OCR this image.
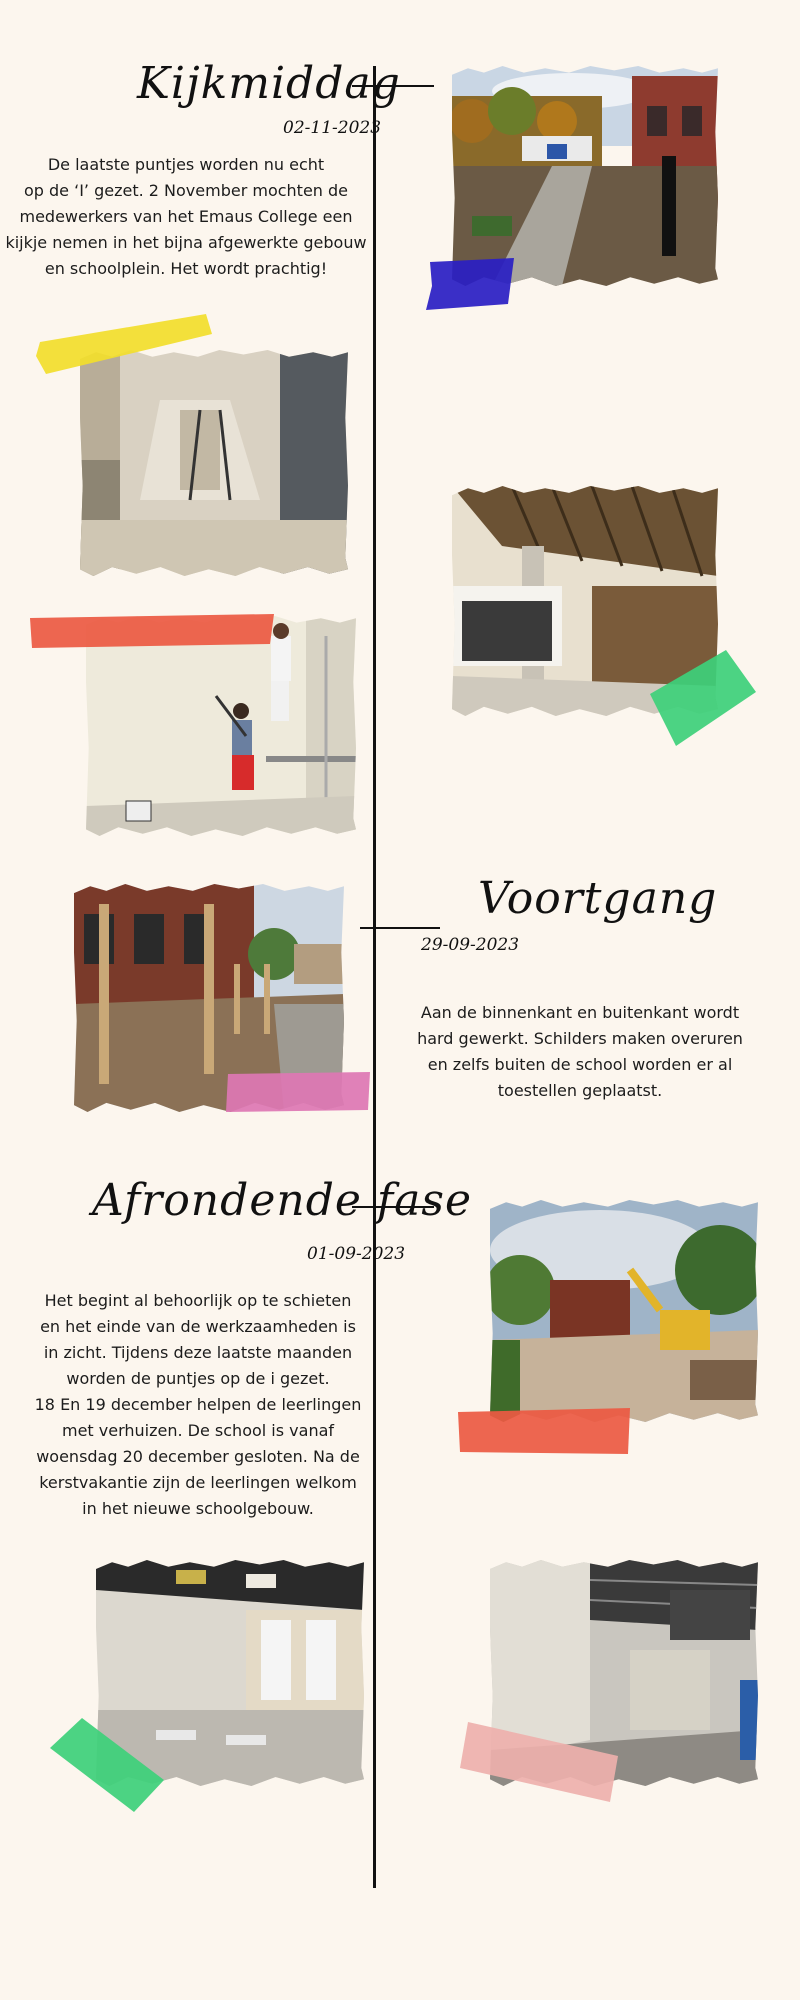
Kijkmiddag
02-11-2023
De laatste puntjes worden nu echt
op de ‘I’ gezet. 2 November mochten de
medewerkers van het Emaus College een
kijkje nemen in het bijna afgewerkte gebouw
en schoolplein. Het wordt prachtig!
Voortgang
29-09-2023
Aan de binnenkant en buitenkant wordt
hard gewerkt. Schilders maken overuren
en zelfs buiten de school worden er al
toestellen geplaatst.
Afrondende fase
01-09-2023
Het begint al behoorlijk op te schieten
en het einde van de werkzaamheden is
in zicht. Tijdens deze laatste maanden
worden de puntjes op de i gezet.
18 En 19 december helpen de leerlingen
met verhuizen. De school is vanaf
woensdag 20 december gesloten. Na de
kerstvakantie zijn de leerlingen welkom
in het nieuwe schoolgebouw.
